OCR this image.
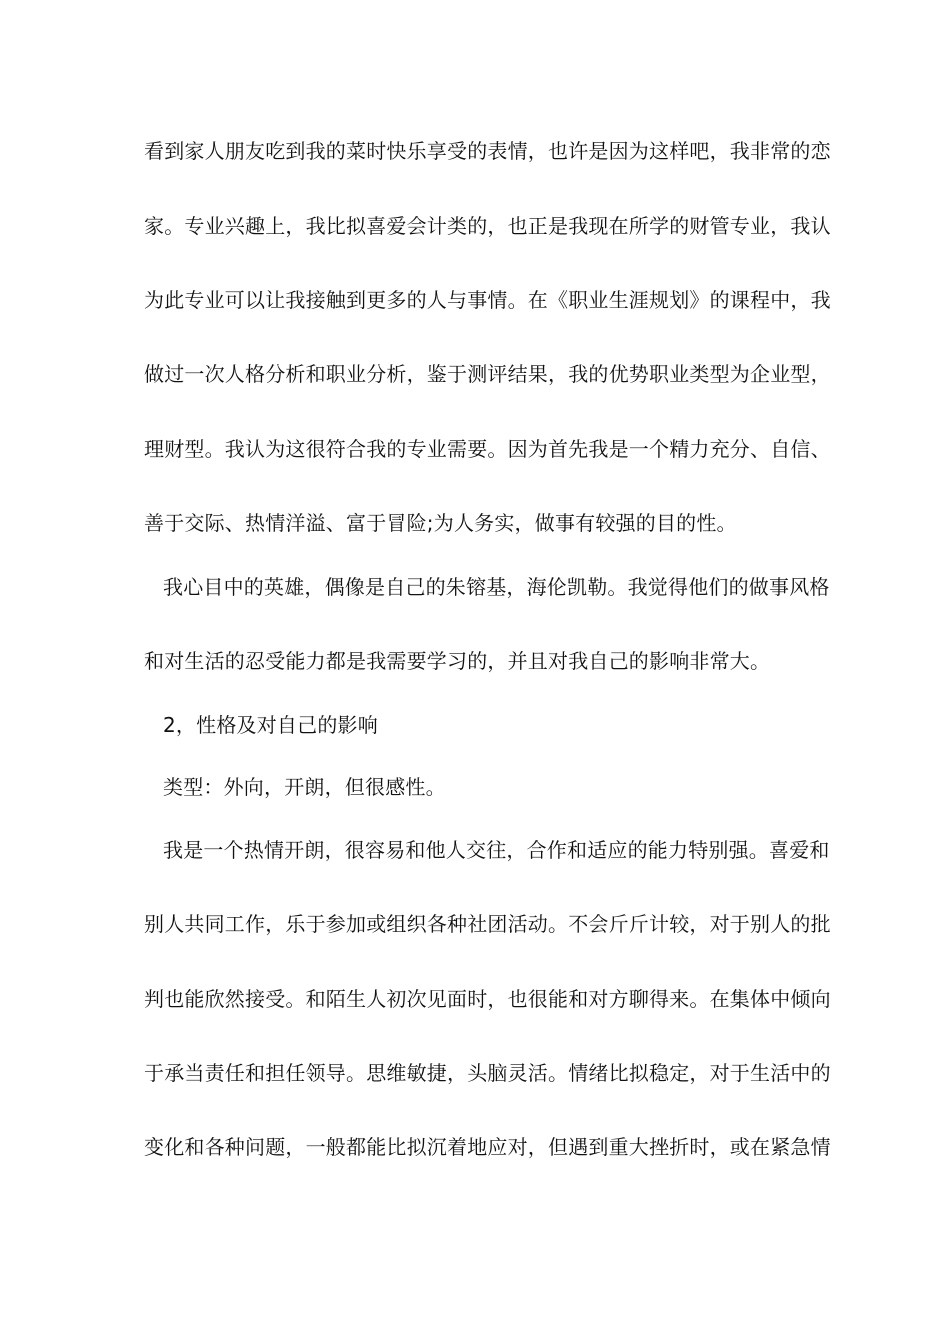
看到家人朋友吃到我的菜时快乐享受的表情，也许是因为这样吧，我非常的恋
家。专业兴趣上，我比拟喜爱会计类的，也正是我现在所学的财管专业，我认
为此专业可以让我接触到更多的人与事情。在《职业生涯规划》的课程中，我
做过一次人格分析和职业分析，鉴于测评结果，我的优势职业类型为企业型，
理财型。我认为这很符合我的专业需要。因为首先我是一个精力充分、自信、
善于交际、热情洋溢、富于冒险;为人务实，做事有较强的目的性。
我心目中的英雄，偶像是自己的朱镕基，海伦凯勒。我觉得他们的做事风格
和对生活的忍受能力都是我需要学习的，并且对我自己的影响非常大。
2，性格及对自己的影响
类型：外向，开朗，但很感性。
我是一个热情开朗，很容易和他人交往，合作和适应的能力特别强。喜爱和
别人共同工作，乐于参加或组织各种社团活动。不会斤斤计较，对于别人的批
判也能欣然接受。和陌生人初次见面时，也很能和对方聊得来。在集体中倾向
于承当责任和担任领导。思维敏捷，头脑灵活。情绪比拟稳定，对于生活中的
变化和各种问题，一般都能比拟沉着地应对，但遇到重大挫折时，或在紧急情
